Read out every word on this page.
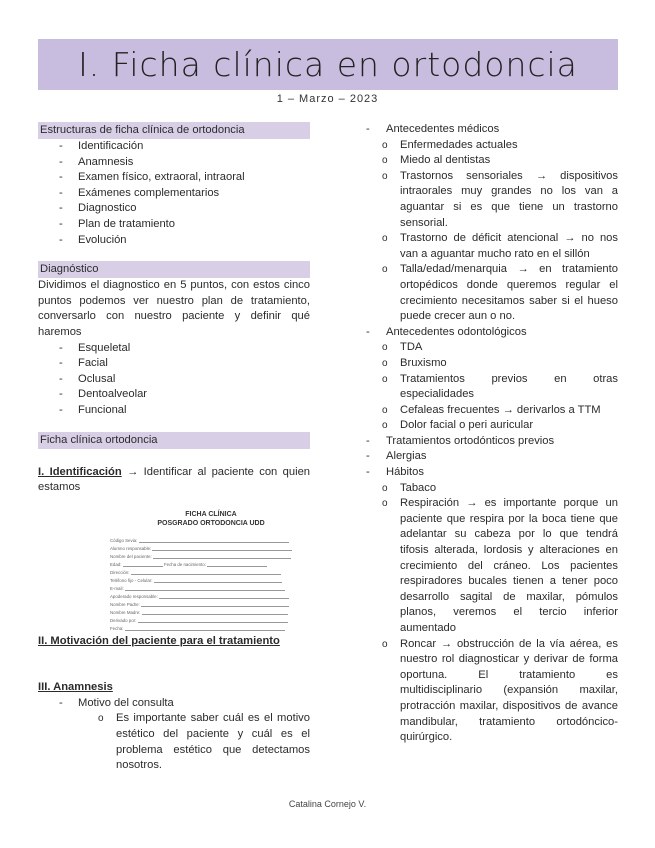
I. Ficha clínica en ortodoncia
1 – Marzo – 2023

Estructuras de ficha clínica de ortodoncia

- Identificación
- Anamnesis
- Examen físico, extraoral, intraoral
- Exámenes complementarios
- Diagnostico
- Plan de tratamiento
- Evolución

Diagnóstico

Dividimos el diagnostico en 5 puntos, con estos cinco puntos podemos ver nuestro plan de tratamiento, conversarlo con nuestro paciente y definir qué haremos

- Esqueletal
- Facial
- Oclusal
- Dentoalveolar
- Funcional

Ficha clínica ortodoncia

I. Identificación → Identificar al paciente con quien estamos

FICHA CLÍNICA
POSGRADO ORTODONCIA UDD
Código Sevia:
Alumno responsable:
Nombre del paciente:
Edad:	Fecha de nacimiento:
Dirección:
Teléfono fijo - Celular:
E-mail:
Apoderado responsable:
Nombre Padre:
Nombre Madre:
Derivado por:
Fecha:

II. Motivación del paciente para el tratamiento

III. Anamnesis

- Motivo del consulta
o Es importante saber cuál es el motivo estético del paciente y cuál es el problema estético que detectamos nosotros.
- Antecedentes médicos
o Enfermedades actuales
o Miedo al dentistas
o Trastornos sensoriales → dispositivos intraorales muy grandes no los van a aguantar si es que tiene un trastorno sensorial.
o Trastorno de déficit atencional → no nos van a aguantar mucho rato en el sillón
o Talla/edad/menarquia → en tratamiento ortopédicos donde queremos regular el crecimiento necesitamos saber si el hueso puede crecer aun o no.
- Antecedentes odontológicos
o TDA
o Bruxismo
o Tratamientos previos en otras especialidades
o Cefaleas frecuentes → derivarlos a TTM
o Dolor facial o peri auricular
- Tratamientos ortodónticos previos
- Alergias
- Hábitos
o Tabaco
o Respiración → es importante porque un paciente que respira por la boca tiene que adelantar su cabeza por lo que tendrá tifosis alterada, lordosis y alteraciones en crecimiento del cráneo. Los pacientes respiradores bucales tienen a tener poco desarrollo sagital de maxilar, pómulos planos, veremos el tercio inferior aumentado
o Roncar → obstrucción de la vía aérea, es nuestro rol diagnosticar y derivar de forma oportuna. El tratamiento es multidisciplinario (expansión maxilar, protracción maxilar, dispositivos de avance mandibular, tratamiento ortodóncico-quirúrgico.
Catalina Cornejo V.
